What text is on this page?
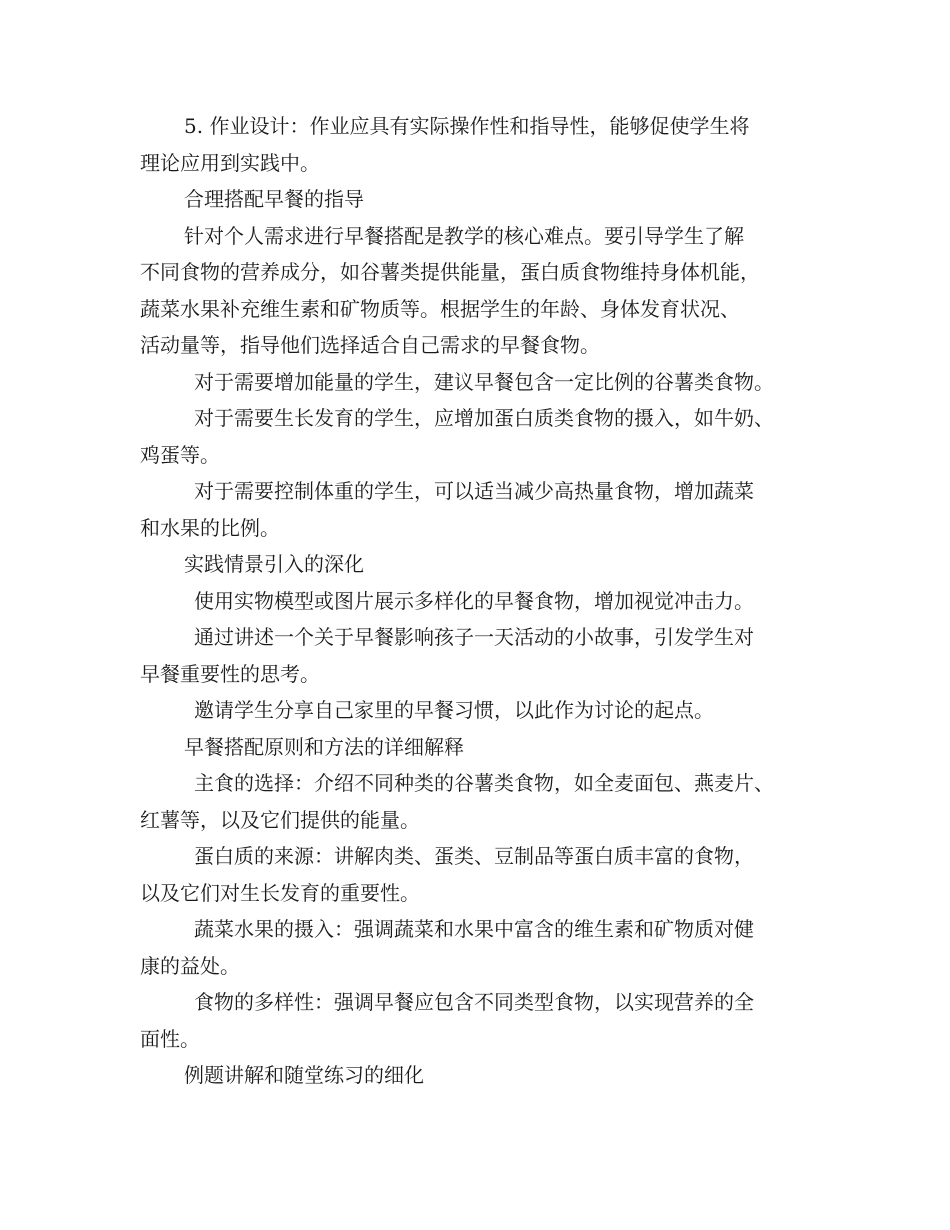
5. 作业设计：作业应具有实际操作性和指导性，能够促使学生将
理论应用到实践中。
合理搭配早餐的指导
针对个人需求进行早餐搭配是教学的核心难点。要引导学生了解
不同食物的营养成分，如谷薯类提供能量，蛋白质食物维持身体机能，
蔬菜水果补充维生素和矿物质等。根据学生的年龄、身体发育状况、
活动量等，指导他们选择适合自己需求的早餐食物。
对于需要增加能量的学生，建议早餐包含一定比例的谷薯类食物。
对于需要生长发育的学生，应增加蛋白质类食物的摄入，如牛奶、
鸡蛋等。
对于需要控制体重的学生，可以适当减少高热量食物，增加蔬菜
和水果的比例。
实践情景引入的深化
使用实物模型或图片展示多样化的早餐食物，增加视觉冲击力。
通过讲述一个关于早餐影响孩子一天活动的小故事，引发学生对
早餐重要性的思考。
邀请学生分享自己家里的早餐习惯，以此作为讨论的起点。
早餐搭配原则和方法的详细解释
主食的选择：介绍不同种类的谷薯类食物，如全麦面包、燕麦片、
红薯等，以及它们提供的能量。
蛋白质的来源：讲解肉类、蛋类、豆制品等蛋白质丰富的食物，
以及它们对生长发育的重要性。
蔬菜水果的摄入：强调蔬菜和水果中富含的维生素和矿物质对健
康的益处。
食物的多样性：强调早餐应包含不同类型食物，以实现营养的全
面性。
例题讲解和随堂练习的细化
